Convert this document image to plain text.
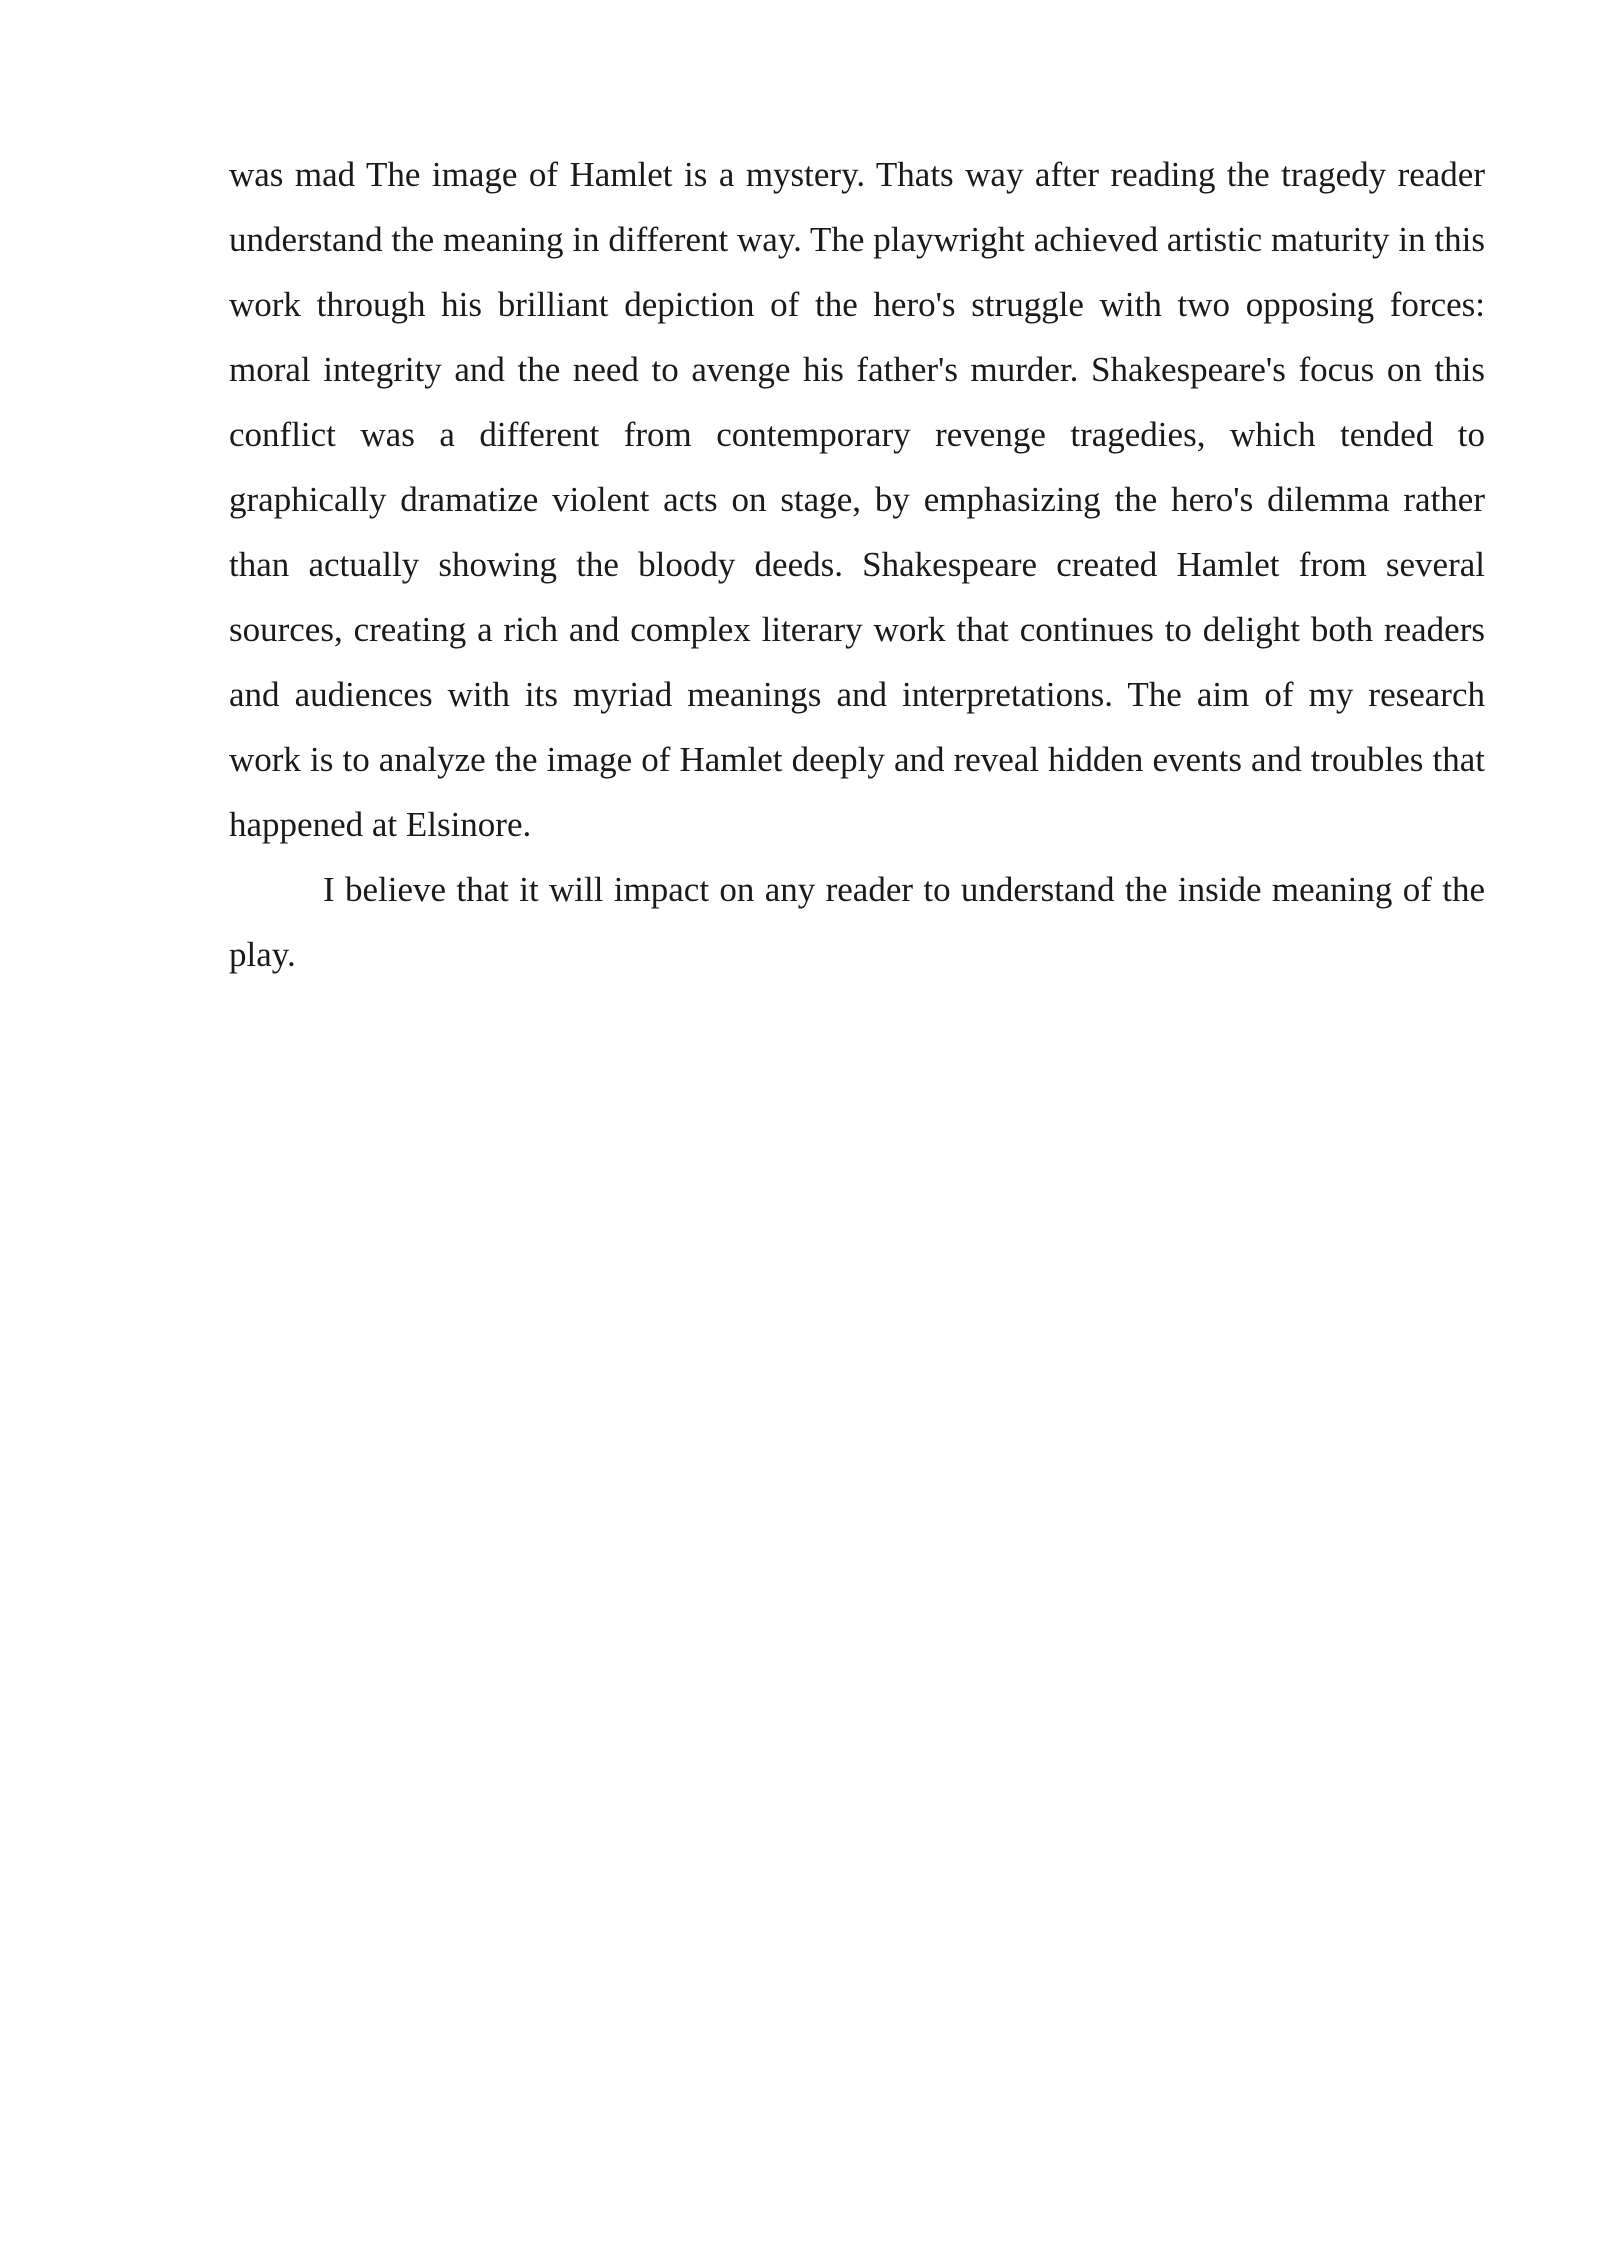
was mad The image of Hamlet is a mystery. Thats way after reading the tragedy reader understand the meaning in different way. The playwright achieved artistic maturity in this work through his brilliant depiction of the hero's struggle with two opposing forces: moral integrity and the need to avenge his father's murder. Shakespeare's focus on this conflict was a different from contemporary revenge tragedies, which tended to graphically dramatize violent acts on stage, by emphasizing the hero's dilemma rather than actually showing the bloody deeds. Shakespeare created Hamlet from several sources, creating a rich and complex literary work that continues to delight both readers and audiences with its myriad meanings and interpretations. The aim of my research work is to analyze the image of Hamlet deeply and reveal hidden events and troubles that happened at Elsinore.

I believe that it will impact on any reader to understand the inside meaning of the play.
